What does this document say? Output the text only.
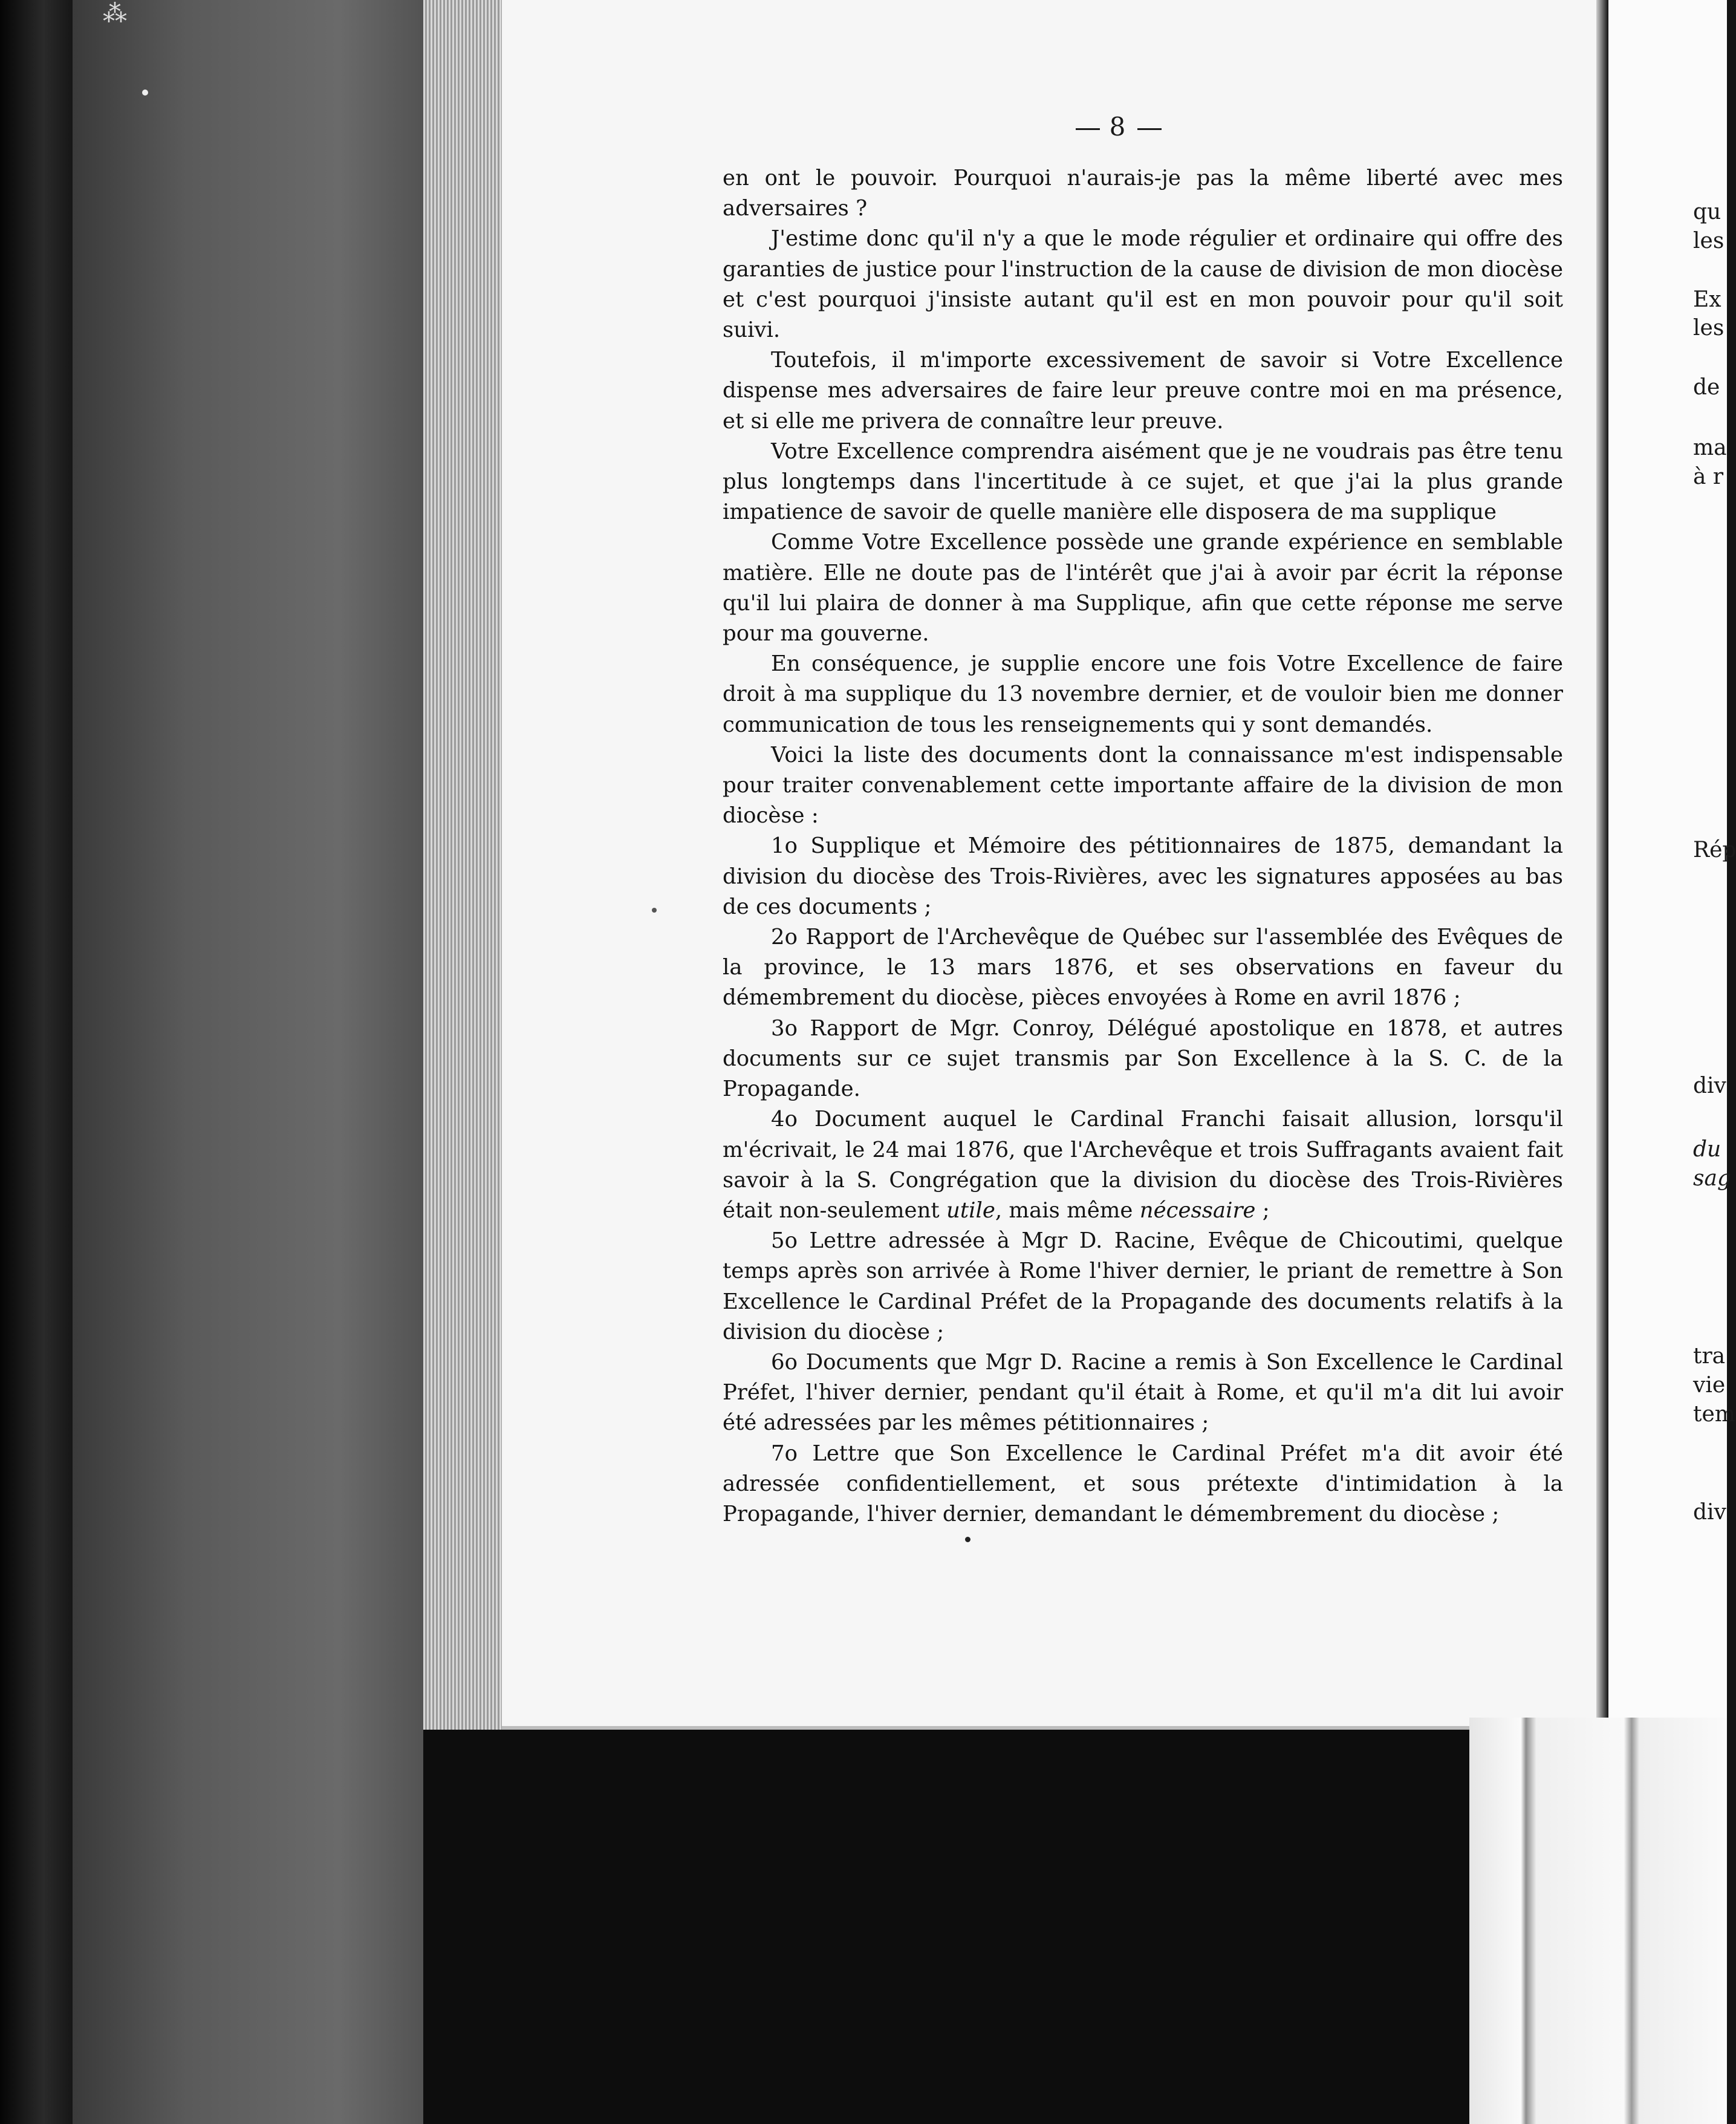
⁂
8

en ont le pouvoir. Pourquoi n'aurais-je pas la même liberté avec mes adversaires ?

J'estime donc qu'il n'y a que le mode régulier et ordinaire qui offre des garanties de justice pour l'instruction de la cause de division de mon diocèse et c'est pourquoi j'insiste autant qu'il est en mon pouvoir pour qu'il soit suivi.

Toutefois, il m'importe excessivement de savoir si Votre Excellence dispense mes adversaires de faire leur preuve contre moi en ma présence, et si elle me privera de connaître leur preuve.

Votre Excellence comprendra aisément que je ne voudrais pas être tenu plus longtemps dans l'incertitude à ce sujet, et que j'ai la plus grande impatience de savoir de quelle manière elle disposera de ma supplique

Comme Votre Excellence possède une grande expérience en semblable matière. Elle ne doute pas de l'intérêt que j'ai à avoir par écrit la réponse qu'il lui plaira de donner à ma Supplique, afin que cette réponse me serve pour ma gouverne.

En conséquence, je supplie encore une fois Votre Excellence de faire droit à ma supplique du 13 novembre dernier, et de vouloir bien me donner communication de tous les renseignements qui y sont demandés.

Voici la liste des documents dont la connaissance m'est indispensable pour traiter convenablement cette importante affaire de la division de mon diocèse :

1o Supplique et Mémoire des pétitionnaires de 1875, demandant la division du diocèse des Trois-Rivières, avec les signatures apposées au bas de ces documents ;

2o Rapport de l'Archevêque de Québec sur l'assemblée des Evêques de la province, le 13 mars 1876, et ses observations en faveur du démembrement du diocèse, pièces envoyées à Rome en avril 1876 ;

3o Rapport de Mgr. Conroy, Délégué apostolique en 1878, et autres documents sur ce sujet transmis par Son Excellence à la S. C. de la Propagande.

4o Document auquel le Cardinal Franchi faisait allusion, lorsqu'il m'écrivait, le 24 mai 1876, que l'Archevêque et trois Suffragants avaient fait savoir à la S. Congrégation que la division du diocèse des Trois-Rivières était non-seulement utile, mais même nécessaire ;

5o Lettre adressée à Mgr D. Racine, Evêque de Chicoutimi, quelque temps après son arrivée à Rome l'hiver dernier, le priant de remettre à Son Excellence le Cardinal Préfet de la Propagande des documents relatifs à la division du diocèse ;

6o Documents que Mgr D. Racine a remis à Son Excellence le Cardinal Préfet, l'hiver dernier, pendant qu'il était à Rome, et qu'il m'a dit lui avoir été adressées par les mêmes pétitionnaires ;

7o Lettre que Son Excellence le Cardinal Préfet m'a dit avoir été adressée confidentiellement, et sous prétexte d'intimidation à la Propagande, l'hiver dernier, demandant le démembrement du diocèse ;

qu
les
Ex
les
de
ma
à r
Rép
div
du
sag
tra
vie
tem
div
